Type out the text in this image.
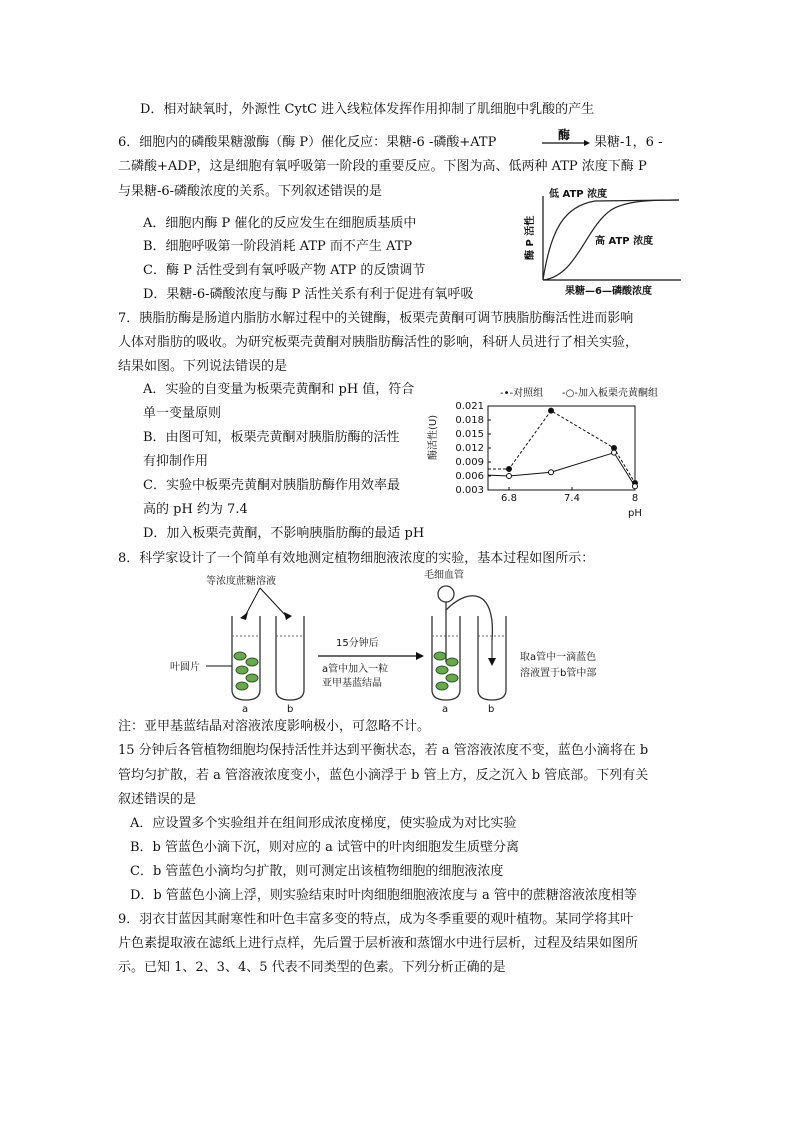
D．相对缺氧时，外源性 CytC 进入线粒体发挥作用抑制了肌细胞中乳酸的产生
6．细胞内的磷酸果糖激酶（酶 P）催化反应：果糖-6 -磷酸+ATP	酶 果糖-1，6 -
二磷酸+ADP，这是细胞有氧呼吸第一阶段的重要反应。下图为高、低两种 ATP 浓度下酶 P
与果糖-6-磷酸浓度的关系。下列叙述错误的是
A．细胞内酶 P 催化的反应发生在细胞质基质中
B．细胞呼吸第一阶段消耗 ATP 而不产生 ATP
C．酶 P 活性受到有氧呼吸产物 ATP 的反馈调节
D．果糖-6-磷酸浓度与酶 P 活性关系有利于促进有氧呼吸
低 ATP 浓度
高 ATP 浓度
果糖—6—磷酸浓度
酶 P 活性
7．胰脂肪酶是肠道内脂肪水解过程中的关键酶，板栗壳黄酮可调节胰脂肪酶活性进而影响
人体对脂肪的吸收。为研究板栗壳黄酮对胰脂肪酶活性的影响，科研人员进行了相关实验，
结果如图。下列说法错误的是
A．实验的自变量为板栗壳黄酮和 pH 值，符合
单一变量原则
B．由图可知，板栗壳黄酮对胰脂肪酶的活性
有抑制作用
C．实验中板栗壳黄酮对胰脂肪酶作用效率最
高的 pH 约为 7.4
D．加入板栗壳黄酮，不影响胰脂肪酶的最适 pH
-•-对照组 -○-加入板栗壳黄酮组
酶活性(U)
0.003
0.006
0.009
0.012
0.015
0.018
0.021
6.8	7.4	8
pH
8．科学家设计了一个简单有效地测定植物细胞液浓度的实验，基本过程如图所示：
等浓度蔗糖溶液
a	b
叶圆片
15分钟后
a管中加入一粒
亚甲基蓝结晶
毛细血管
a	b
取a管中一滴蓝色
溶液置于b管中部
注：亚甲基蓝结晶对溶液浓度影响极小，可忽略不计。
15 分钟后各管植物细胞均保持活性并达到平衡状态，若 a 管溶液浓度不变，蓝色小滴将在 b
管均匀扩散，若 a 管溶液浓度变小，蓝色小滴浮于 b 管上方，反之沉入 b 管底部。下列有关
叙述错误的是
A．应设置多个实验组并在组间形成浓度梯度，使实验成为对比实验
B．b 管蓝色小滴下沉，则对应的 a 试管中的叶肉细胞发生质壁分离
C．b 管蓝色小滴均匀扩散，则可测定出该植物细胞的细胞液浓度
D．b 管蓝色小滴上浮，则实验结束时叶肉细胞细胞液浓度与 a 管中的蔗糖溶液浓度相等
9．羽衣甘蓝因其耐寒性和叶色丰富多变的特点，成为冬季重要的观叶植物。某同学将其叶
片色素提取液在滤纸上进行点样，先后置于层析液和蒸馏水中进行层析，过程及结果如图所
示。已知 1、2、3、4、5 代表不同类型的色素。下列分析正确的是
